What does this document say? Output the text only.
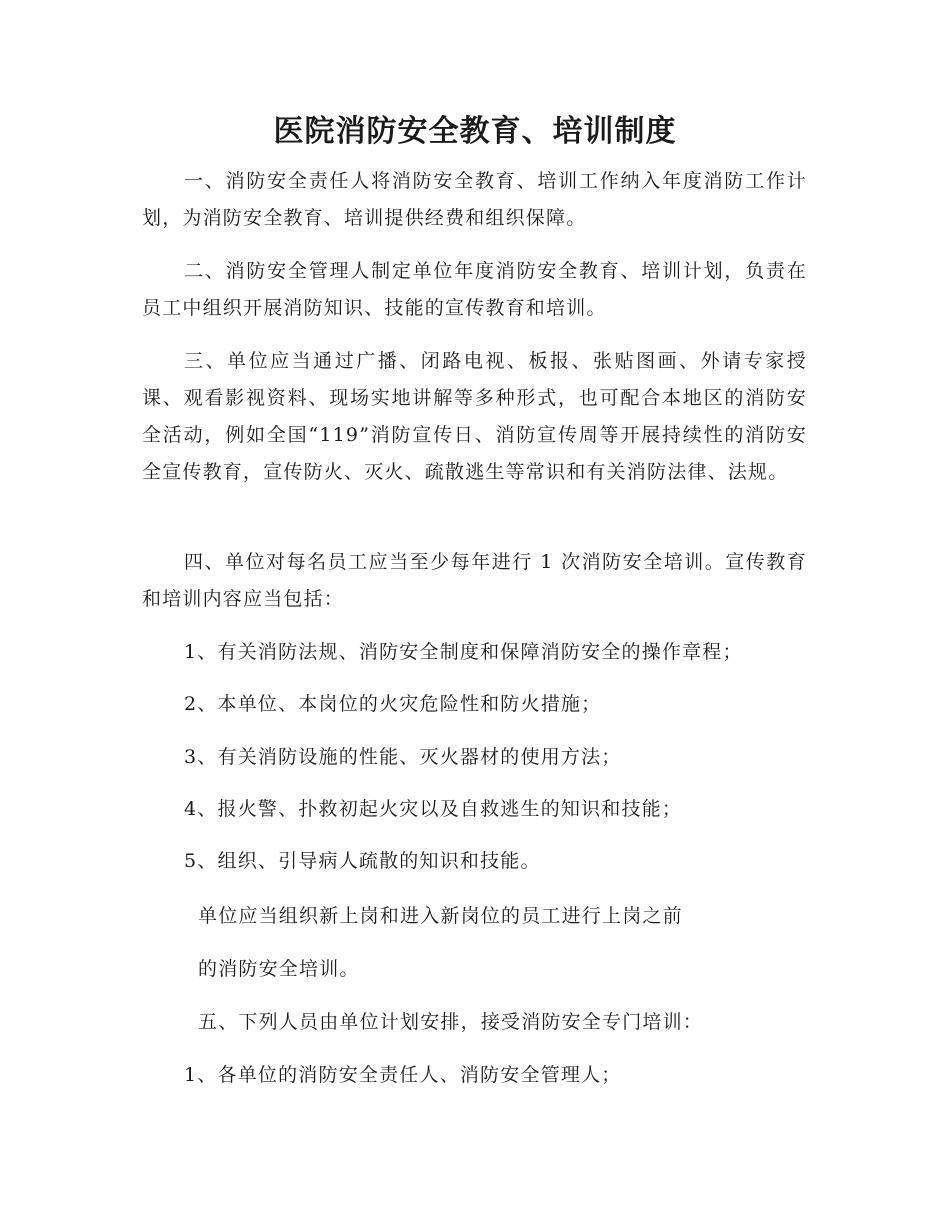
医院消防安全教育、培训制度
一、消防安全责任人将消防安全教育、培训工作纳入年度消防工作计划，为消防安全教育、培训提供经费和组织保障。
二、消防安全管理人制定单位年度消防安全教育、培训计划，负责在员工中组织开展消防知识、技能的宣传教育和培训。
三、单位应当通过广播、闭路电视、板报、张贴图画、外请专家授课、观看影视资料、现场实地讲解等多种形式，也可配合本地区的消防安全活动，例如全国“119”消防宣传日、消防宣传周等开展持续性的消防安全宣传教育，宣传防火、灭火、疏散逃生等常识和有关消防法律、法规。
四、单位对每名员工应当至少每年进行 1 次消防安全培训。宣传教育和培训内容应当包括：
1、有关消防法规、消防安全制度和保障消防安全的操作章程；
2、本单位、本岗位的火灾危险性和防火措施；
3、有关消防设施的性能、灭火器材的使用方法；
4、报火警、扑救初起火灾以及自救逃生的知识和技能；
5、组织、引导病人疏散的知识和技能。
单位应当组织新上岗和进入新岗位的员工进行上岗之前
的消防安全培训。
五、下列人员由单位计划安排，接受消防安全专门培训：
1、各单位的消防安全责任人、消防安全管理人；
